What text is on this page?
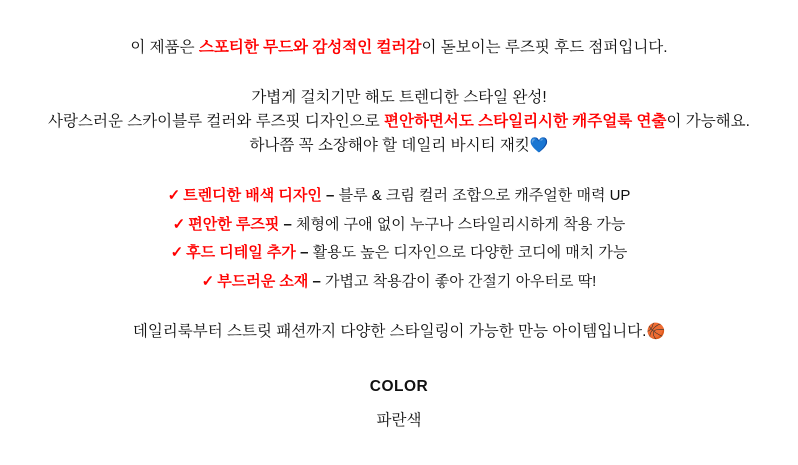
이 제품은 스포티한 무드와 감성적인 컬러감이 돋보이는 루즈핏 후드 점퍼입니다.
가볍게 걸치기만 해도 트렌디한 스타일 완성!
사랑스러운 스카이블루 컬러와 루즈핏 디자인으로 편안하면서도 스타일리시한 캐주얼룩 연출이 가능해요.
하나쯤 꼭 소장해야 할 데일리 바시티 재킷💙
✓ 트렌디한 배색 디자인 – 블루 & 크림 컬러 조합으로 캐주얼한 매력 UP
✓ 편안한 루즈핏 – 체형에 구애 없이 누구나 스타일리시하게 착용 가능
✓ 후드 디테일 추가 – 활용도 높은 디자인으로 다양한 코디에 매치 가능
✓ 부드러운 소재 – 가볍고 착용감이 좋아 간절기 아우터로 딱!
데일리룩부터 스트릿 패션까지 다양한 스타일링이 가능한 만능 아이템입니다.🏀
COLOR
파란색
